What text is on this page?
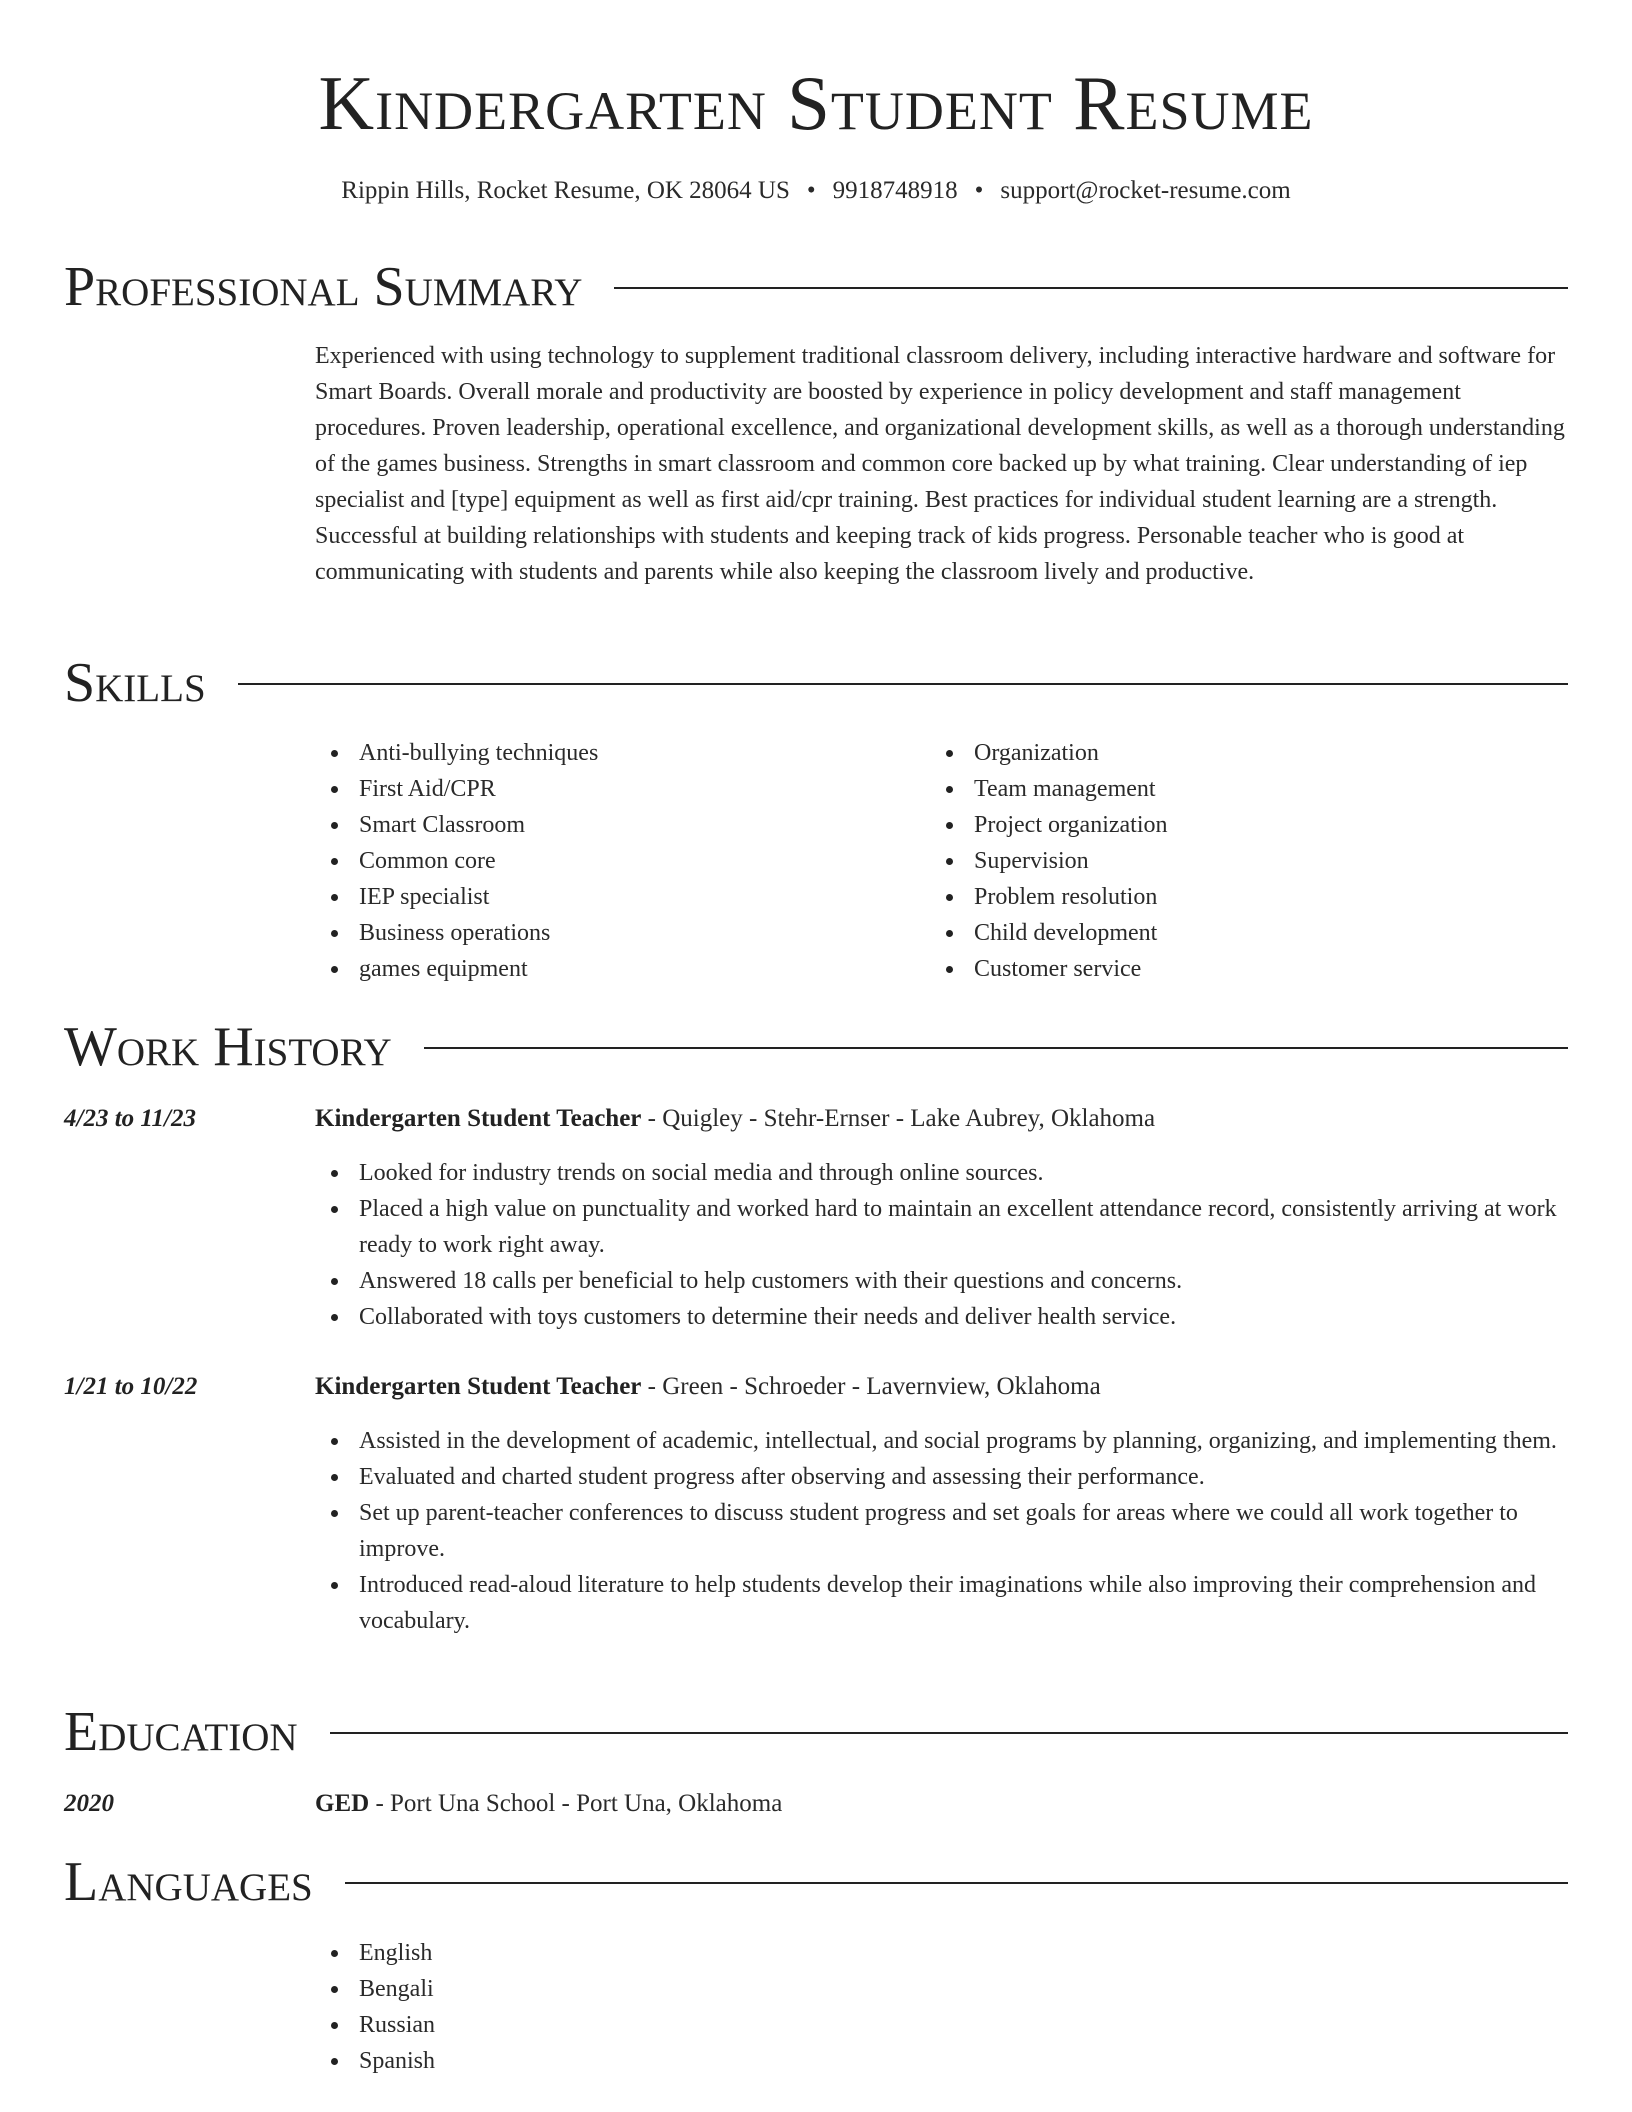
Kindergarten Student Resume
Rippin Hills, Rocket Resume, OK 28064 US • 9918748918 • support@rocket-resume.com
Professional Summary
Experienced with using technology to supplement traditional classroom delivery, including interactive hardware and software for Smart Boards. Overall morale and productivity are boosted by experience in policy development and staff management procedures. Proven leadership, operational excellence, and organizational development skills, as well as a thorough understanding of the games business. Strengths in smart classroom and common core backed up by what training. Clear understanding of iep specialist and [type] equipment as well as first aid/cpr training. Best practices for individual student learning are a strength. Successful at building relationships with students and keeping track of kids progress. Personable teacher who is good at communicating with students and parents while also keeping the classroom lively and productive.
Skills
Anti-bullying techniques
First Aid/CPR
Smart Classroom
Common core
IEP specialist
Business operations
games equipment
Organization
Team management
Project organization
Supervision
Problem resolution
Child development
Customer service
Work History
4/23 to 11/23	Kindergarten Student Teacher - Quigley - Stehr-Ernser - Lake Aubrey, Oklahoma
Looked for industry trends on social media and through online sources.
Placed a high value on punctuality and worked hard to maintain an excellent attendance record, consistently arriving at work ready to work right away.
Answered 18 calls per beneficial to help customers with their questions and concerns.
Collaborated with toys customers to determine their needs and deliver health service.
1/21 to 10/22	Kindergarten Student Teacher - Green - Schroeder - Lavernview, Oklahoma
Assisted in the development of academic, intellectual, and social programs by planning, organizing, and implementing them.
Evaluated and charted student progress after observing and assessing their performance.
Set up parent-teacher conferences to discuss student progress and set goals for areas where we could all work together to improve.
Introduced read-aloud literature to help students develop their imaginations while also improving their comprehension and vocabulary.
Education
2020	GED - Port Una School - Port Una, Oklahoma
Languages
English
Bengali
Russian
Spanish
